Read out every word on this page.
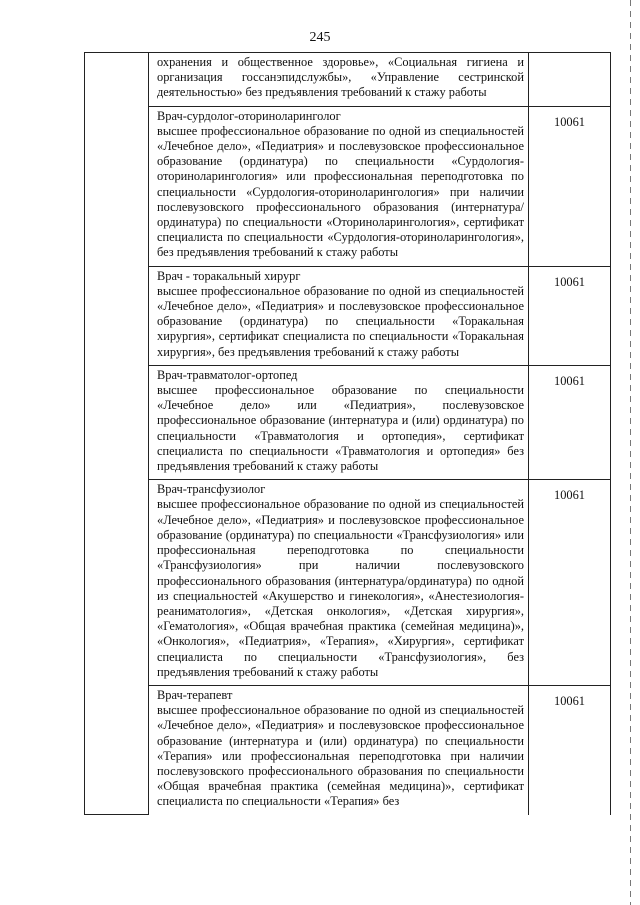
245

	охранения и общественное здоровье», «Социальная гигиена и организация госсанэпидслужбы», «Управление сестринской деятельностью» без предъявления требований к стажу работы	

	Врач-сурдолог-оториноларинголог
высшее профессиональное образование по одной из специальностей «Лечебное дело», «Педиатрия» и послевузовское профессиональное образование (ординатура) по специальности «Сурдология-оториноларингология» или профессиональная переподготовка по специальности «Сурдология-оториноларингология» при наличии послевузовского профессионального образования (интернатура/ординатура) по специальности «Оториноларингология», сертификат специалиста по специальности «Сурдология-оториноларингология», без предъявления требований к стажу работы	10061

	Врач - торакальный хирург
высшее профессиональное образование по одной из специальностей «Лечебное дело», «Педиатрия» и послевузовское профессиональное образование (ординатура) по специальности «Торакальная хирургия», сертификат специалиста по специальности «Торакальная хирургия», без предъявления требований к стажу работы	10061

	Врач-травматолог-ортопед
высшее профессиональное образование по специальности «Лечебное дело» или «Педиатрия», послевузовское профессиональное образование (интернатура и (или) ординатура) по специальности «Травматология и ортопедия», сертификат специалиста по специальности «Травматология и ортопедия» без предъявления требований к стажу работы	10061

	Врач-трансфузиолог
высшее профессиональное образование по одной из специальностей «Лечебное дело», «Педиатрия» и послевузовское профессиональное образование (ординатура) по специальности «Трансфузиология» или профессиональная переподготовка по специальности «Трансфузиология» при наличии послевузовского профессионального образования (интернатура/ординатура) по одной из специальностей «Акушерство и гинекология», «Анестезиология-реаниматология», «Детская онкология», «Детская хирургия», «Гематология», «Общая врачебная практика (семейная медицина)», «Онкология», «Педиатрия», «Терапия», «Хирургия», сертификат специалиста по специальности «Трансфузиология», без предъявления требований к стажу работы	10061

	Врач-терапевт
высшее профессиональное образование по одной из специальностей «Лечебное дело», «Педиатрия» и послевузовское профессиональное образование (интернатура и (или) ординатура) по специальности «Терапия» или профессиональная переподготовка при наличии послевузовского профессионального образования по специальности «Общая врачебная практика (семейная медицина)», сертификат специалиста по специальности «Терапия» без	10061
